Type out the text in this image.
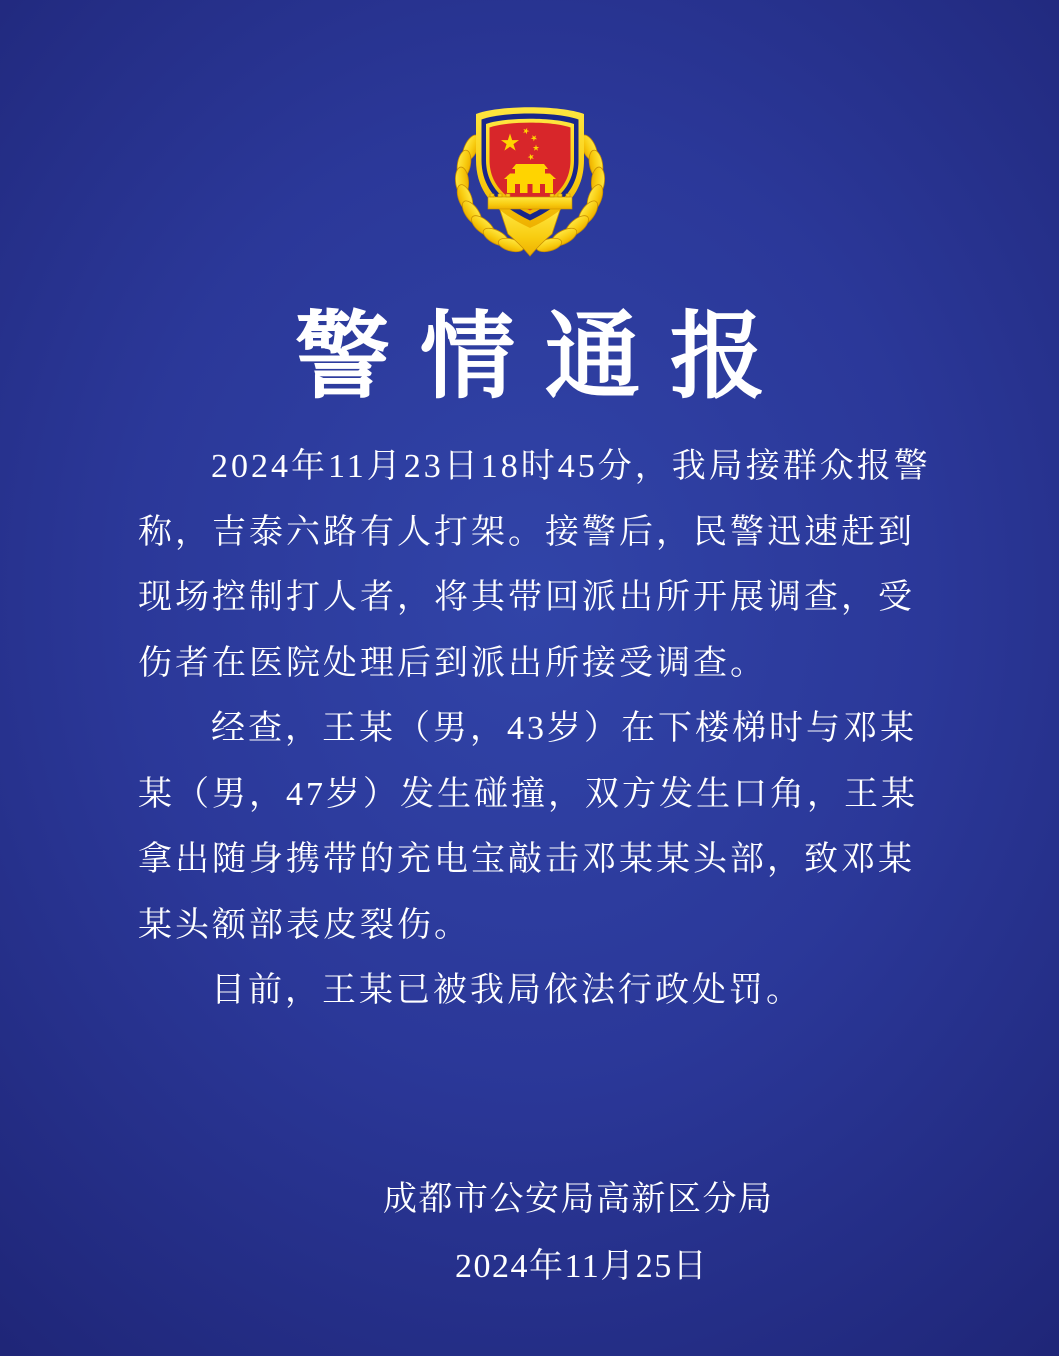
警情通报
2024年11月23日18时45分，我局接群众报警
称，吉泰六路有人打架。接警后，民警迅速赶到
现场控制打人者，将其带回派出所开展调查，受
伤者在医院处理后到派出所接受调查。
经查，王某（男，43岁）在下楼梯时与邓某
某（男，47岁）发生碰撞，双方发生口角，王某
拿出随身携带的充电宝敲击邓某某头部，致邓某
某头额部表皮裂伤。
目前，王某已被我局依法行政处罚。
成都市公安局高新区分局
2024年11月25日
